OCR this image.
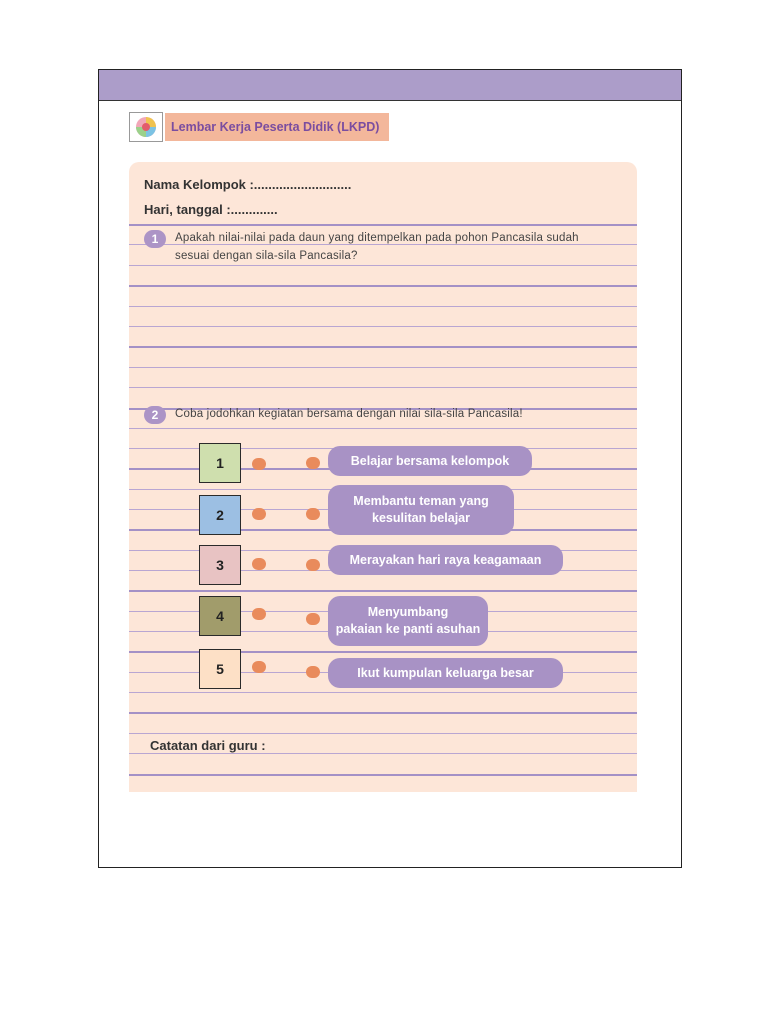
Lembar Kerja Peserta Didik (LKPD)
Nama Kelompok :...........................
Hari, tanggal :.............
1	Apakah nilai-nilai pada daun yang ditempelkan pada pohon Pancasila sudah
sesuai dengan sila-sila Pancasila?
2	Coba jodohkan kegiatan bersama dengan nilai sila-sila Pancasila!
1
2
3
4
5
Belajar bersama kelompok
Membantu teman yang
kesulitan belajar
Merayakan hari raya keagamaan
Menyumbang
pakaian ke panti asuhan
Ikut kumpulan keluarga besar
Catatan dari guru :
